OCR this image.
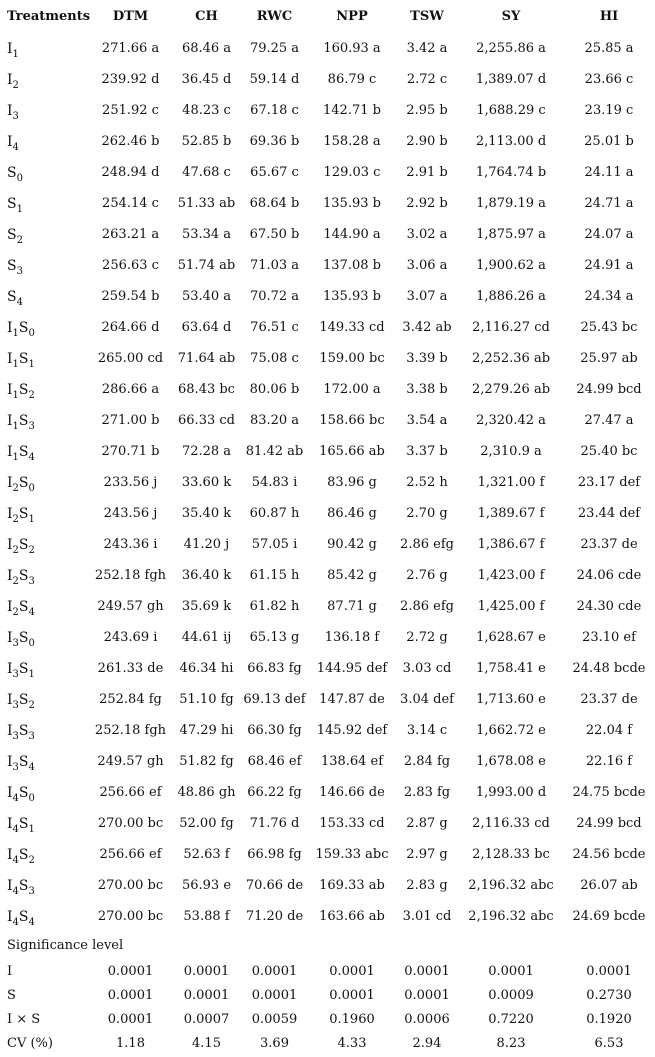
Treatments	DTM	CH	RWC	NPP	TSW	SY	HI
$I_1$	271.66 a	68.46 a	79.25 a	160.93 a	3.42 a	2,255.86 a	25.85 a
$I_2$	239.92 d	36.45 d	59.14 d	86.79 c	2.72 c	1,389.07 d	23.66 c
$I_3$	251.92 c	48.23 c	67.18 c	142.71 b	2.95 b	1,688.29 c	23.19 c
$I_4$	262.46 b	52.85 b	69.36 b	158.28 a	2.90 b	2,113.00 d	25.01 b
$S_0$	248.94 d	47.68 c	65.67 c	129.03 c	2.91 b	1,764.74 b	24.11 a
$S_1$	254.14 c	51.33 ab	68.64 b	135.93 b	2.92 b	1,879.19 a	24.71 a
$S_2$	263.21 a	53.34 a	67.50 b	144.90 a	3.02 a	1,875.97 a	24.07 a
$S_3$	256.63 c	51.74 ab	71.03 a	137.08 b	3.06 a	1,900.62 a	24.91 a
$S_4$	259.54 b	53.40 a	70.72 a	135.93 b	3.07 a	1,886.26 a	24.34 a
$I_1S_0$	264.66 d	63.64 d	76.51 c	149.33 cd	3.42 ab	2,116.27 cd	25.43 bc
$I_1S_1$	265.00 cd	71.64 ab	75.08 c	159.00 bc	3.39 b	2,252.36 ab	25.97 ab
$I_1S_2$	286.66 a	68.43 bc	80.06 b	172.00 a	3.38 b	2,279.26 ab	24.99 bcd
$I_1S_3$	271.00 b	66.33 cd	83.20 a	158.66 bc	3.54 a	2,320.42 a	27.47 a
$I_1S_4$	270.71 b	72.28 a	81.42 ab	165.66 ab	3.37 b	2,310.9 a	25.40 bc
$I_2S_0$	233.56 j	33.60 k	54.83 i	83.96 g	2.52 h	1,321.00 f	23.17 def
$I_2S_1$	243.56 j	35.40 k	60.87 h	86.46 g	2.70 g	1,389.67 f	23.44 def
$I_2S_2$	243.36 i	41.20 j	57.05 i	90.42 g	2.86 efg	1,386.67 f	23.37 de
$I_2S_3$	252.18 fgh	36.40 k	61.15 h	85.42 g	2.76 g	1,423.00 f	24.06 cde
$I_2S_4$	249.57 gh	35.69 k	61.82 h	87.71 g	2.86 efg	1,425.00 f	24.30 cde
$I_3S_0$	243.69 i	44.61 ij	65.13 g	136.18 f	2.72 g	1,628.67 e	23.10 ef
$I_3S_1$	261.33 de	46.34 hi	66.83 fg	144.95 def	3.03 cd	1,758.41 e	24.48 bcde
$I_3S_2$	252.84 fg	51.10 fg	69.13 def	147.87 de	3.04 def	1,713.60 e	23.37 de
$I_3S_3$	252.18 fgh	47.29 hi	66.30 fg	145.92 def	3.14 c	1,662.72 e	22.04 f
$I_3S_4$	249.57 gh	51.82 fg	68.46 ef	138.64 ef	2.84 fg	1,678.08 e	22.16 f
$I_4S_0$	256.66 ef	48.86 gh	66.22 fg	146.66 de	2.83 fg	1,993.00 d	24.75 bcde
$I_4S_1$	270.00 bc	52.00 fg	71.76 d	153.33 cd	2.87 g	2,116.33 cd	24.99 bcd
$I_4S_2$	256.66 ef	52.63 f	66.98 fg	159.33 abc	2.97 g	2,128.33 bc	24.56 bcde
$I_4S_3$	270.00 bc	56.93 e	70.66 de	169.33 ab	2.83 g	2,196.32 abc	26.07 ab
$I_4S_4$	270.00 bc	53.88 f	71.20 de	163.66 ab	3.01 cd	2,196.32 abc	24.69 bcde
Significance level							
I	0.0001	0.0001	0.0001	0.0001	0.0001	0.0001	0.0001
S	0.0001	0.0001	0.0001	0.0001	0.0001	0.0009	0.2730
I × S	0.0001	0.0007	0.0059	0.1960	0.0006	0.7220	0.1920
CV (%)	1.18	4.15	3.69	4.33	2.94	8.23	6.53
